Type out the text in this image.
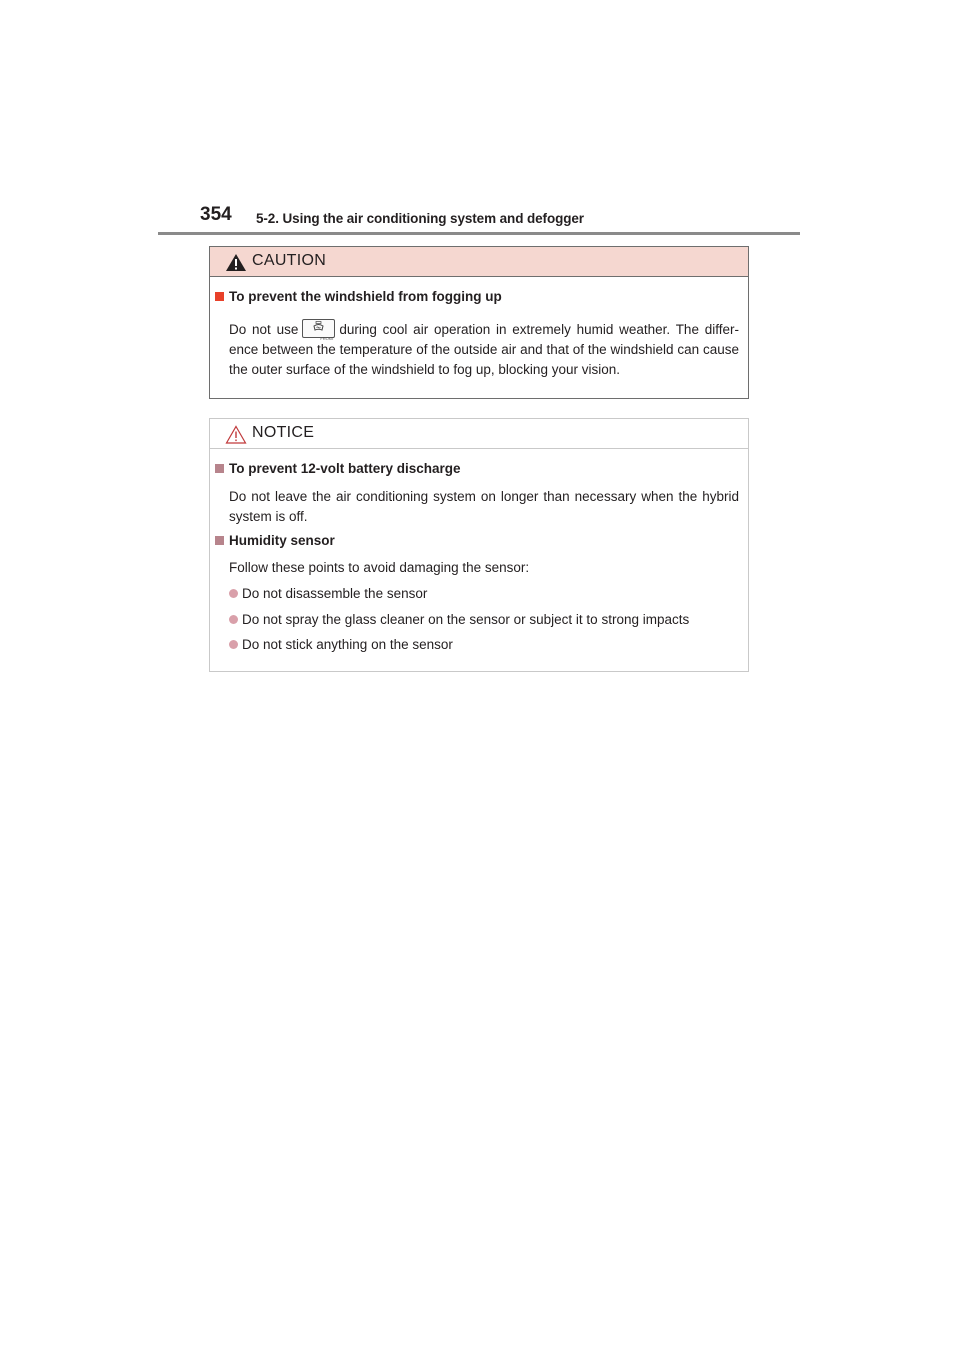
354 5-2. Using the air conditioning system and defogger
CAUTION
To prevent the windshield from fogging up
Do not use
FRONT
during cool air operation in extremely humid weather. The differ-ence between the temperature of the outside air and that of the windshield can cause the outer surface of the windshield to fog up, blocking your vision.
NOTICE
To prevent 12-volt battery discharge
Do not leave the air conditioning system on longer than necessary when the hybrid system is off.
Humidity sensor
Follow these points to avoid damaging the sensor:
Do not disassemble the sensor
Do not spray the glass cleaner on the sensor or subject it to strong impacts
Do not stick anything on the sensor
